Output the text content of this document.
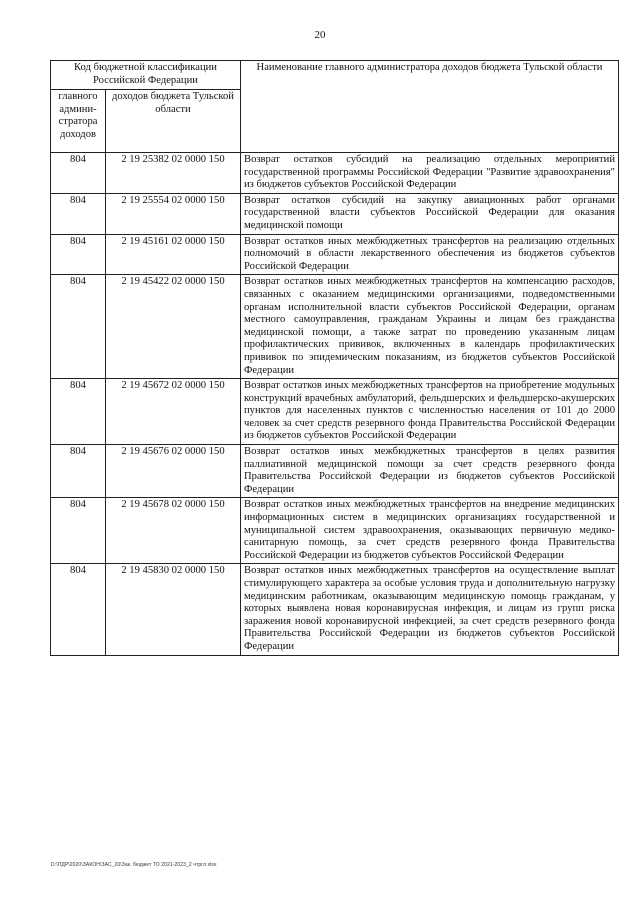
20
Код бюджетной классификации Российской Федерации		Наименование главного администратора доходов бюджета Тульской области
главного админи-стратора доходов	доходов бюджета Тульской области	
804	2 19 25382 02 0000 150	Возврат остатков субсидий на реализацию отдельных мероприятий государственной программы Российской Федерации "Развитие здравоохранения" из бюджетов субъектов Российской Федерации
804	2 19 25554 02 0000 150	Возврат остатков субсидий на закупку авиационных работ органами государственной власти субъектов Российской Федерации для оказания медицинской помощи
804	2 19 45161 02 0000 150	Возврат остатков иных межбюджетных трансфертов на реализацию отдельных полномочий в области лекарственного обеспечения из бюджетов субъектов Российской Федерации
804	2 19 45422 02 0000 150	Возврат остатков иных межбюджетных трансфертов на компенсацию расходов, связанных с оказанием медицинскими организациями, подведомственными органам исполнительной власти субъектов Российской Федерации, органам местного самоуправления, гражданам Украины и лицам без гражданства медицинской помощи, а также затрат по проведению указанным лицам профилактических прививок, включенных в календарь профилактических прививок по эпидемическим показаниям, из бюджетов субъектов Российской Федерации
804	2 19 45672 02 0000 150	Возврат остатков иных межбюджетных трансфертов на приобретение модульных конструкций врачебных амбулаторий, фельдшерских и фельдшерско-акушерских пунктов для населенных пунктов с численностью населения от 101 до 2000 человек за счет средств резервного фонда Правительства Российской Федерации из бюджетов субъектов Российской Федерации
804	2 19 45676 02 0000 150	Возврат остатков иных межбюджетных трансфертов в целях развития паллиативной медицинской помощи за счет средств резервного фонда Правительства Российской Федерации из бюджетов субъектов Российской Федерации
804	2 19 45678 02 0000 150	Возврат остатков иных межбюджетных трансфертов на внедрение медицинских информационных систем в медицинских организациях государственной и муниципальной систем здравоохранения, оказывающих первичную медико-санитарную помощь, за счет средств резервного фонда Правительства Российской Федерации из бюджетов субъектов Российской Федерации
804	2 19 45830 02 0000 150	Возврат остатков иных межбюджетных трансфертов на осуществление выплат стимулирующего характера за особые условия труда и дополнительную нагрузку медицинским работникам, оказывающим медицинскую помощь гражданам, у которых выявлена новая коронавирусная инфекция, и лицам из групп риска заражения новой коронавирусной инфекцией, за счет средств резервного фонда Правительства Российской Федерации из бюджетов субъектов Российской Федерации
D:\ПДР\2020\ЗАКОН\ЗАС_20\Зак. бюджет ТО 2021-2023_2 чтргл.xlsx
